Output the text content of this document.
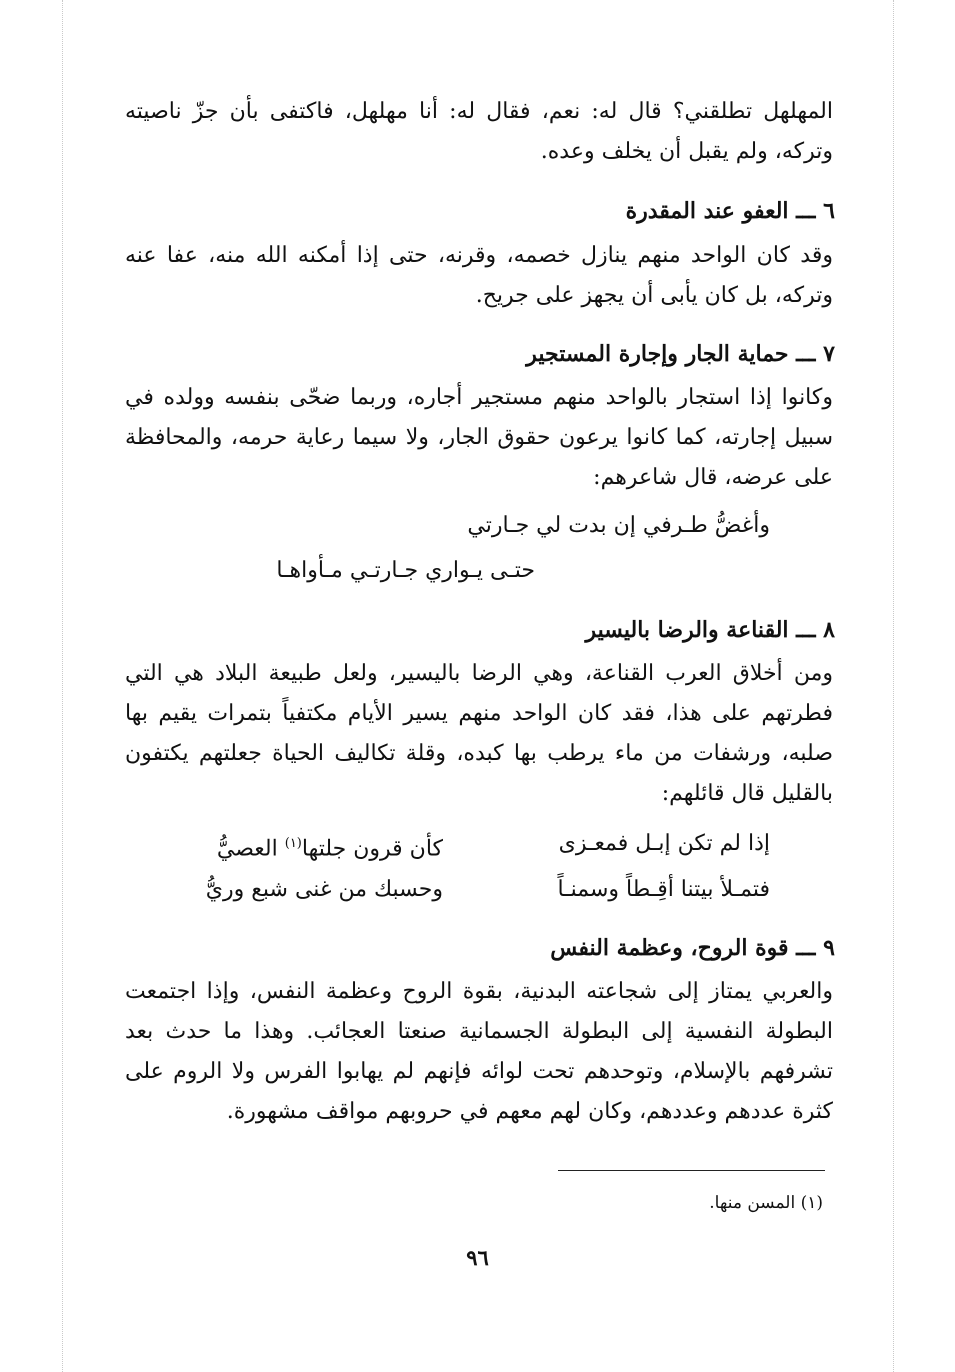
المهلهل تطلقني؟ قال له: نعم، فقال له: أنا مهلهل، فاكتفى بأن جزّ ناصيته وتركه، ولم يقبل أن يخلف وعده.

٦ ـــ العفو عند المقدرة

وقد كان الواحد منهم ينازل خصمه، وقرنه، حتى إذا أمكنه الله منه، عفا عنه وتركه، بل كان يأبى أن يجهز على جريح.

٧ ـــ حماية الجار وإجارة المستجير

وكانوا إذا استجار بالواحد منهم مستجير أجاره، وربما ضحّى بنفسه وولده في سبيل إجارته، كما كانوا يرعون حقوق الجار، ولا سيما رعاية حرمه، والمحافظة على عرضه، قال شاعرهم:

وأغضُّ طـرفي إن بدت لي جـارتي
حتـى يـواري جـارتـي مـأواهـا
٨ ـــ القناعة والرضا باليسير

ومن أخلاق العرب القناعة، وهي الرضا باليسير، ولعل طبيعة البلاد هي التي فطرتهم على هذا، فقد كان الواحد منهم يسير الأيام مكتفياً بتمرات يقيم بها صلبه، ورشفات من ماء يرطب بها كبده، وقلة تكاليف الحياة جعلتهم يكتفون بالقليل قال قائلهم:

إذا لم تكن إبـل فمعـزى
كأن قرون جلتها$^{(١)}$ العصيُّ
فتمـلأ بيتنا أقِـطاً وسمنـاً
وحسبك من غنى شبع وريُّ
٩ ـــ قوة الروح، وعظمة النفس

والعربي يمتاز إلى شجاعته البدنية، بقوة الروح وعظمة النفس، وإذا اجتمعت البطولة النفسية إلى البطولة الجسمانية صنعتا العجائب. وهذا ما حدث بعد تشرفهم بالإسلام، وتوحدهم تحت لوائه فإنهم لم يهابوا الفرس ولا الروم على كثرة عددهم وعددهم، وكان لهم معهم في حروبهم مواقف مشهورة.

(١) المسن منها.
٩٦
